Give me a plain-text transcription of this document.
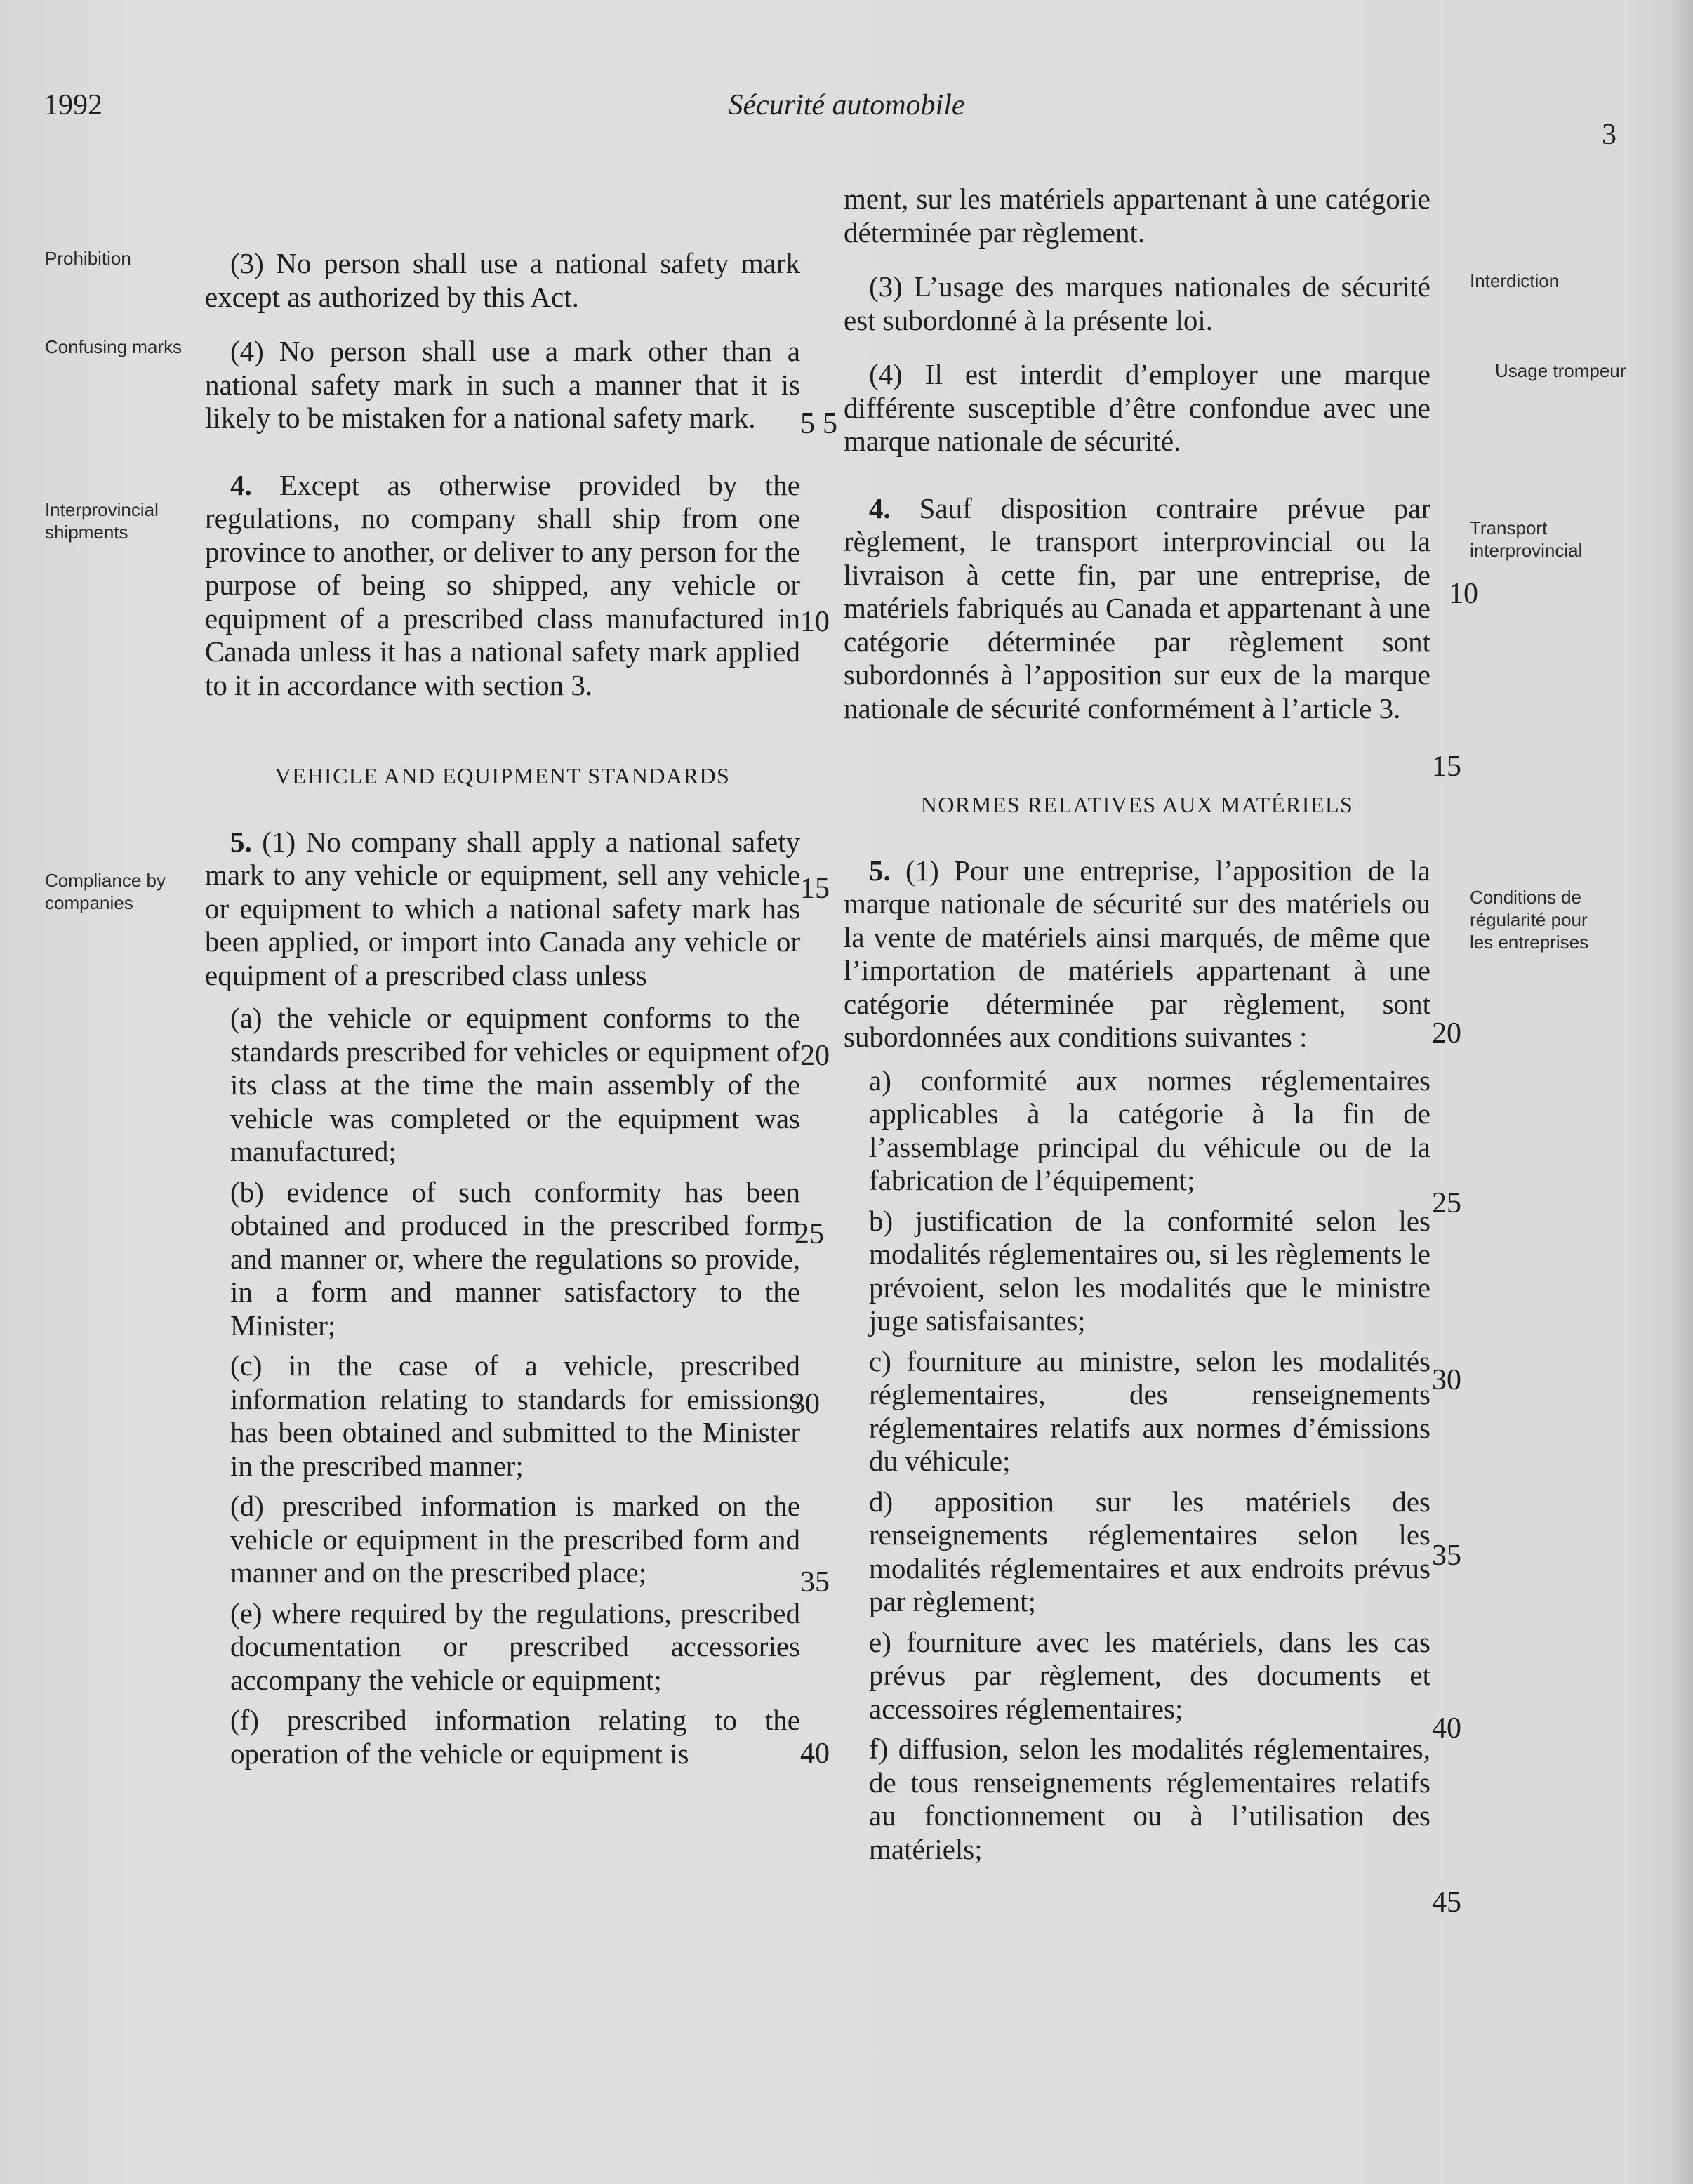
1992	Sécurité automobile
3
Prohibition
Confusing marks
Interprovincial shipments
Compliance by companies
Interdiction
Usage trompeur
Transport interprovincial
Conditions de régularité pour les entreprises

(3) No person shall use a national safety mark except as authorized by this Act.

(4) No person shall use a mark other than a national safety mark in such a manner that it is likely to be mistaken for a national safety mark.

4. Except as otherwise provided by the regulations, no company shall ship from one province to another, or deliver to any person for the purpose of being so shipped, any vehicle or equipment of a prescribed class manufactured in Canada unless it has a national safety mark applied to it in accordance with section 3.

VEHICLE AND EQUIPMENT STANDARDS

5. (1) No company shall apply a national safety mark to any vehicle or equipment, sell any vehicle or equipment to which a national safety mark has been applied, or import into Canada any vehicle or equipment of a prescribed class unless

(a) the vehicle or equipment conforms to the standards prescribed for vehicles or equipment of its class at the time the main assembly of the vehicle was completed or the equipment was manufactured;

(b) evidence of such conformity has been obtained and produced in the prescribed form and manner or, where the regulations so provide, in a form and manner satisfactory to the Minister;

(c) in the case of a vehicle, prescribed information relating to standards for emissions has been obtained and submitted to the Minister in the prescribed manner;

(d) prescribed information is marked on the vehicle or equipment in the prescribed form and manner and on the prescribed place;

(e) where required by the regulations, prescribed documentation or prescribed accessories accompany the vehicle or equipment;

(f) prescribed information relating to the operation of the vehicle or equipment is

ment, sur les matériels appartenant à une catégorie déterminée par règlement.

(3) L’usage des marques nationales de sécurité est subordonné à la présente loi.

(4) Il est interdit d’employer une marque différente susceptible d’être confondue avec une marque nationale de sécurité.

4. Sauf disposition contraire prévue par règlement, le transport interprovincial ou la livraison à cette fin, par une entreprise, de matériels fabriqués au Canada et appartenant à une catégorie déterminée par règlement sont subordonnés à l’apposition sur eux de la marque nationale de sécurité conformément à l’article 3.

NORMES RELATIVES AUX MATÉRIELS

5. (1) Pour une entreprise, l’apposition de la marque nationale de sécurité sur des matériels ou la vente de matériels ainsi marqués, de même que l’importation de matériels appartenant à une catégorie déterminée par règlement, sont subordonnées aux conditions suivantes :

a) conformité aux normes réglementaires applicables à la catégorie à la fin de l’assemblage principal du véhicule ou de la fabrication de l’équipement;

b) justification de la conformité selon les modalités réglementaires ou, si les règlements le prévoient, selon les modalités que le ministre juge satisfaisantes;

c) fourniture au ministre, selon les modalités réglementaires, des renseignements réglementaires relatifs aux normes d’émissions du véhicule;

d) apposition sur les matériels des renseignements réglementaires selon les modalités réglementaires et aux endroits prévus par règlement;

e) fourniture avec les matériels, dans les cas prévus par règlement, des documents et accessoires réglementaires;

f) diffusion, selon les modalités réglementaires, de tous renseignements réglementaires relatifs au fonctionnement ou à l’utilisation des matériels;

5
10
15
20
25
30
35
40
5
10
15
20
25
30
35
40
45
